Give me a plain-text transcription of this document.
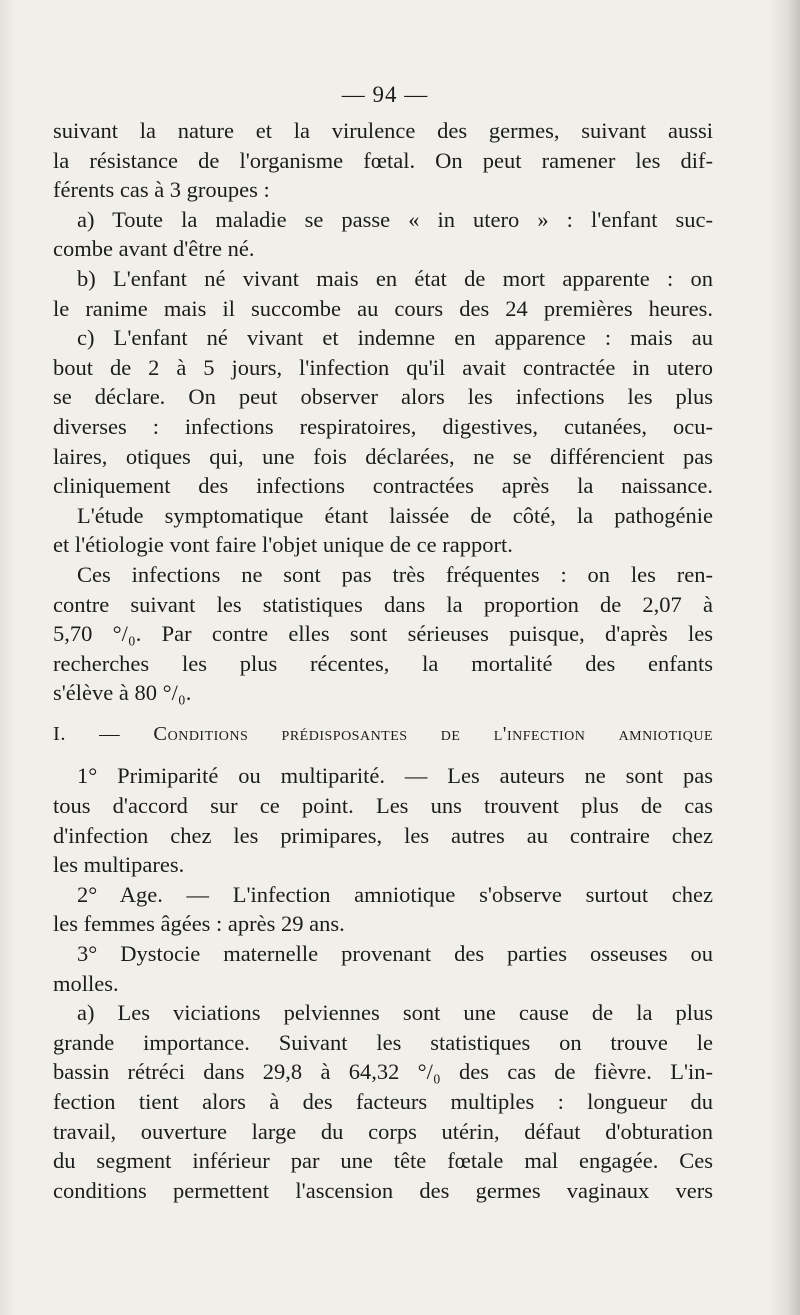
— 94 —
suivant la nature et la virulence des germes, suivant aussi
la résistance de l'organisme fœtal. On peut ramener les dif-
férents cas à 3 groupes :
a) Toute la maladie se passe « in utero » : l'enfant suc-
combe avant d'être né.
b) L'enfant né vivant mais en état de mort apparente : on
le ranime mais il succombe au cours des 24 premières heures.
c) L'enfant né vivant et indemne en apparence : mais au
bout de 2 à 5 jours, l'infection qu'il avait contractée in utero
se déclare. On peut observer alors les infections les plus
diverses : infections respiratoires, digestives, cutanées, ocu-
laires, otiques qui, une fois déclarées, ne se différencient pas
cliniquement des infections contractées après la naissance.
L'étude symptomatique étant laissée de côté, la pathogénie
et l'étiologie vont faire l'objet unique de ce rapport.
Ces infections ne sont pas très fréquentes : on les ren-
contre suivant les statistiques dans la proportion de 2,07 à
5,70 °/₀. Par contre elles sont sérieuses puisque, d'après les
recherches les plus récentes, la mortalité des enfants
s'élève à 80 °/₀.
I. — Conditions prédisposantes de l'infection amniotique
1° Primiparité ou multiparité. — Les auteurs ne sont pas
tous d'accord sur ce point. Les uns trouvent plus de cas
d'infection chez les primipares, les autres au contraire chez
les multipares.
2° Age. — L'infection amniotique s'observe surtout chez
les femmes âgées : après 29 ans.
3° Dystocie maternelle provenant des parties osseuses ou
molles.
a) Les viciations pelviennes sont une cause de la plus
grande importance. Suivant les statistiques on trouve le
bassin rétréci dans 29,8 à 64,32 °/₀ des cas de fièvre. L'in-
fection tient alors à des facteurs multiples : longueur du
travail, ouverture large du corps utérin, défaut d'obturation
du segment inférieur par une tête fœtale mal engagée. Ces
conditions permettent l'ascension des germes vaginaux vers
